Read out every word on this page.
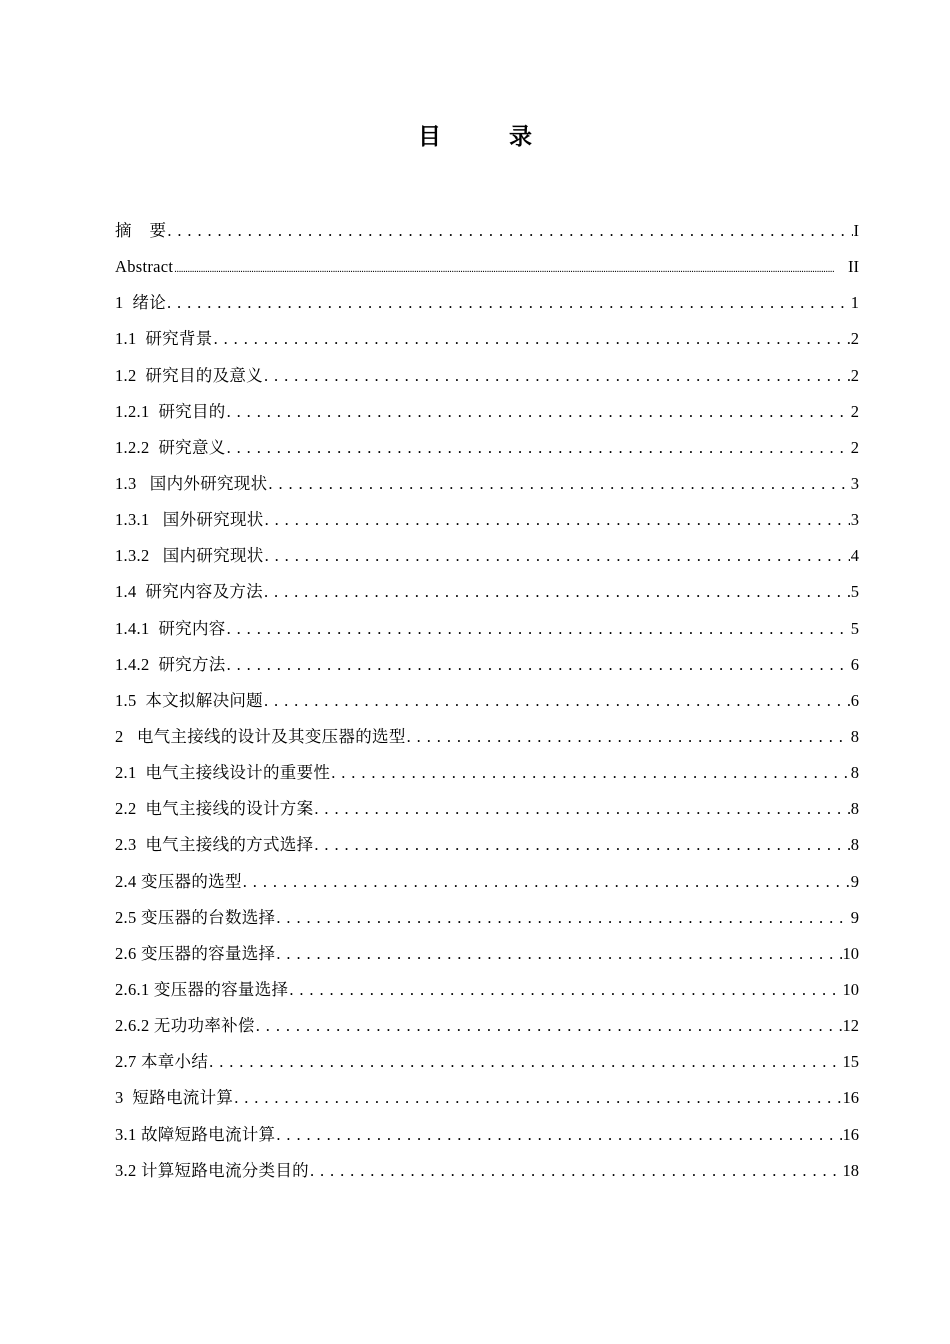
目 录
摘    要 . . .	I
Abstract .....	II
1  绪论 . . .	1
1.1  研究背景 . . .	2
1.2  研究目的及意义 . . .	2
1.2.1  研究目的 . . .	2
1.2.2  研究意义 . . .	2
1.3   国内外研究现状 . . .	3
1.3.1   国外研究现状 . . .	3
1.3.2   国内研究现状 . . .	4
1.4  研究内容及方法 . . .	5
1.4.1  研究内容 . . .	5
1.4.2  研究方法 . . .	6
1.5  本文拟解决问题 . . .	6
2   电气主接线的设计及其变压器的选型 . . .	8
2.1  电气主接线设计的重要性 . . .	8
2.2  电气主接线的设计方案 . . .	8
2.3  电气主接线的方式选择 . . .	8
2.4 变压器的选型 . . .	9
2.5 变压器的台数选择 . . .	9
2.6 变压器的容量选择 . . .	10
2.6.1 变压器的容量选择 . . .	10
2.6.2 无功功率补偿 . . .	12
2.7 本章小结 . . .	15
3  短路电流计算 . . .	16
3.1 故障短路电流计算 . . .	16
3.2 计算短路电流分类目的 . . .	18
